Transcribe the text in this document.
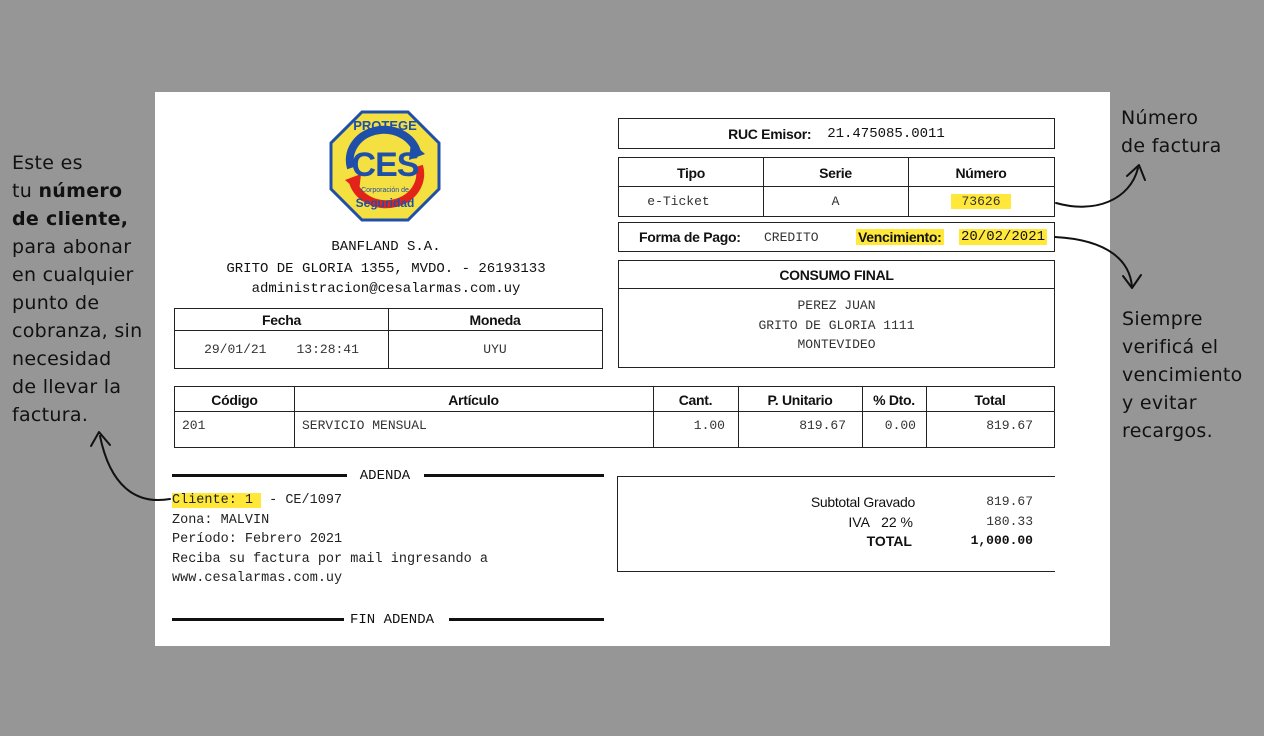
Este es
tu número
de cliente,
para abonar
en cualquier
punto de
cobranza, sin
necesidad
de llevar la
factura.
Número
de factura
Siempre
verificá el
vencimiento
y evitar
recargos.
PROTEGE
CES
Corporación de
Seguridad
BANFLAND S.A.
GRITO DE GLORIA 1355, MVDO. - 26193133
administracion@cesalarmas.com.uy
Fecha	Moneda
29/01/21 13:28:41	UYU
RUC Emisor: 21.475085.0011
Tipo	Serie	Número
e-Ticket	A	73626
Forma de Pago: CREDITO	Vencimiento: 20/02/2021
CONSUMO FINAL
PEREZ JUAN
GRITO DE GLORIA 1111
MONTEVIDEO
Código	Artículo	Cant.	P. Unitario	% Dto.	Total
201	SERVICIO MENSUAL	1.00	819.67	0.00	819.67
ADENDA
Cliente: 1 - CE/1097
Zona: MALVIN
Período: Febrero 2021
Reciba su factura por mail ingresando a
www.cesalarmas.com.uy
FIN ADENDA
Subtotal Gravado	819.67
IVA 22 %	180.33
TOTAL	1,000.00
